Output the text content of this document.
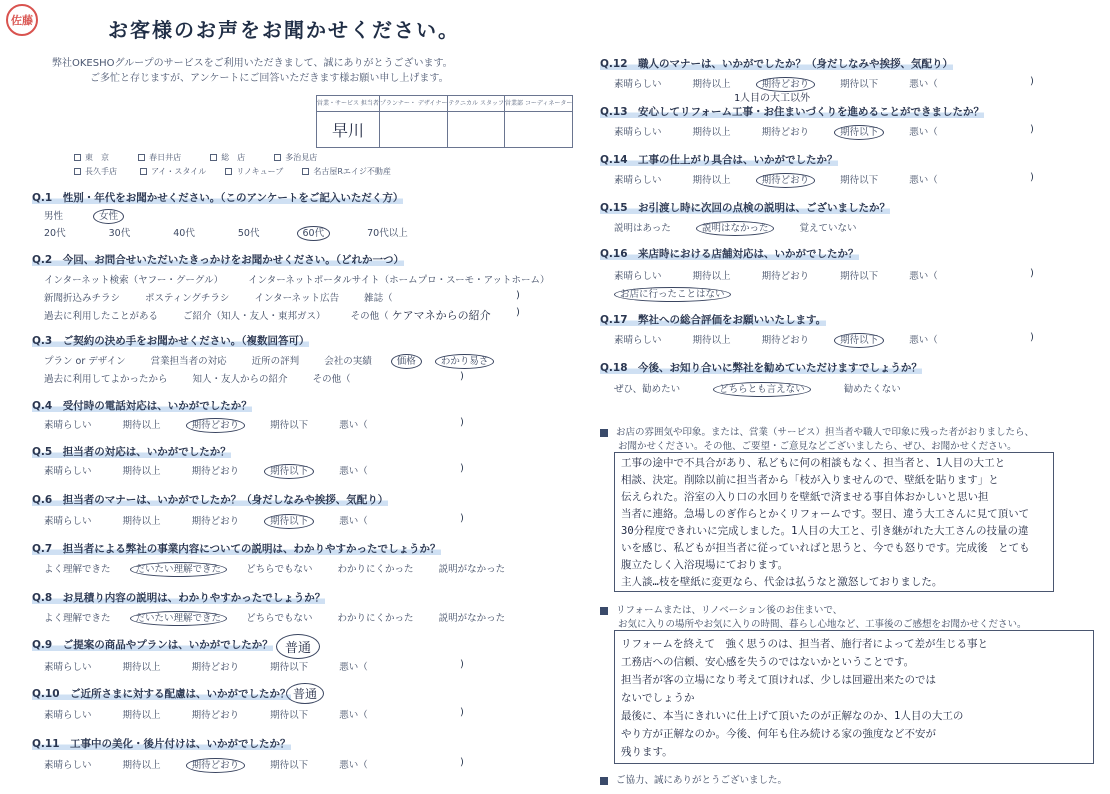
佐藤	お客様のお声をお聞かせください。
弊社OKESHOグループのサービスをご利用いただきまして、誠にありがとうございます。
ご多忙と存じますが、アンケートにご回答いただきます様お願い申し上げます。
営業・サービス 担当者	プランナー・ デザイナー	テクニカル スタッフ	営業部 コーディネーター
早川			
東　京	春日井店	総　店	多治見店
長久手店	アイ・スタイル	リノキューブ	名古屋Rエイジ不動産
Q.1　性別・年代をお聞かせください。（このアンケートをご記入いただく方）
男性	女性
20代	30代	40代	50代	60代	70代以上
Q.2　今回、お問合せいただいたきっかけをお聞かせください。（どれか一つ）
インターネット検索（ヤフー・グーグル）	インターネットポータルサイト（ホームプロ・スーモ・アットホーム）
新聞折込みチラシ	ポスティングチラシ	インターネット広告	雑誌（	)
過去に利用したことがある	ご紹介（知人・友人・東邦ガス）	その他（ ケアマネからの紹介	)
Q.3　ご契約の決め手をお聞かせください。（複数回答可）
プラン or デザイン	営業担当者の対応	近所の評判	会社の実績	価格	わかり易さ
過去に利用してよかったから	知人・友人からの紹介	その他（	)
Q.4　受付時の電話対応は、いかがでしたか？
素晴らしい	期待以上	期待どおり	期待以下	悪い（	)
Q.5　担当者の対応は、いかがでしたか？
素晴らしい	期待以上	期待どおり	期待以下	悪い（	)
Q.6　担当者のマナーは、いかがでしたか？（身だしなみや挨拶、気配り）
素晴らしい	期待以上	期待どおり	期待以下	悪い（	)
Q.7　担当者による弊社の事業内容についての説明は、わかりやすかったでしょうか？
よく理解できた	だいたい理解できた	どちらでもない	わかりにくかった	説明がなかった
Q.8　お見積り内容の説明は、わかりやすかったでしょうか？
よく理解できた	だいたい理解できた	どちらでもない	わかりにくかった	説明がなかった
Q.9　ご提案の商品やプランは、いかがでしたか？ 普通
素晴らしい	期待以上	期待どおり	期待以下	悪い（	)
Q.10　ご近所さまに対する配慮は、いかがでしたか？ 普通
素晴らしい	期待以上	期待どおり	期待以下	悪い（	)
Q.11　工事中の美化・後片付けは、いかがでしたか？
素晴らしい	期待以上	期待どおり	期待以下	悪い（	)
Q.12　職人のマナーは、いかがでしたか？（身だしなみや挨拶、気配り）
素晴らしい	期待以上	期待どおり	期待以下	悪い（	)
1人目の大工以外
Q.13　安心してリフォーム工事・お住まいづくりを進めることができましたか？
素晴らしい	期待以上	期待どおり	期待以下	悪い（	)
Q.14　工事の仕上がり具合は、いかがでしたか？
素晴らしい	期待以上	期待どおり	期待以下	悪い（	)
Q.15　お引渡し時に次回の点検の説明は、ございましたか？
説明はあった	説明はなかった	覚えていない
Q.16　来店時における店舗対応は、いかがでしたか？
素晴らしい	期待以上	期待どおり	期待以下	悪い（	)
お店に行ったことはない
Q.17　弊社への総合評価をお願いいたします。
素晴らしい	期待以上	期待どおり	期待以下	悪い（	)
Q.18　今後、お知り合いに弊社を勧めていただけますでしょうか？
ぜひ、勧めたい	どちらとも言えない	勧めたくない
お店の雰囲気や印象。または、営業（サービス）担当者や職人で印象に残った者がおりましたら、
お聞かせください。その他、ご要望・ご意見などございましたら、ぜひ、お聞かせください。
工事の途中で不具合があり、私どもに何の相談もなく、担当者と、1人目の大工と
相談、決定。削除以前に担当者から「枝が入りませんので、壁紙を貼ります」と
伝えられた。浴室の入り口の水回りを壁紙で済ませる事自体おかしいと思い担
当者に連絡。急場しのぎ作らとかくリフォームです。翌日、違う大工さんに見て頂いて
30分程度できれいに完成しました。1人目の大工と、引き継がれた大工さんの技量の違
いを感じ、私どもが担当者に従っていればと思うと、今でも怒りです。完成後　とても
腹立たしく入浴現場にております。
主人談…枝を壁紙に変更なら、代金は払うなと激怒しておりました。
リフォームまたは、リノベーション後のお住まいで、
お気に入りの場所やお気に入りの時間、暮らし心地など、工事後のご感想をお聞かせください。
リフォームを終えて　強く思うのは、担当者、施行者によって差が生じる事と
工務店への信頼、安心感を失うのではないかということです。
担当者が客の立場になり考えて頂ければ、少しは回避出来たのでは
ないでしょうか
最後に、本当にきれいに仕上げて頂いたのが正解なのか、1人目の大工の
やり方が正解なのか。今後、何年も住み続ける家の強度など不安が
残ります。
ご協力、誠にありがとうございました。
